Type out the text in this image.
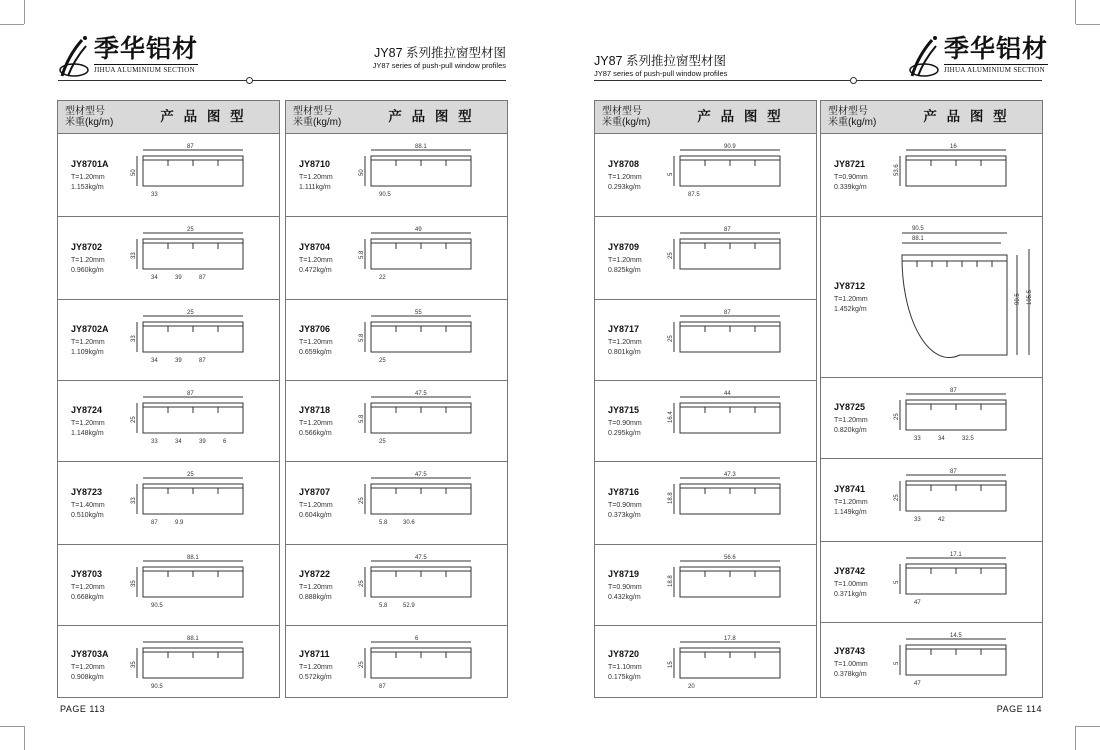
季华铝材
JIHUA ALUMINIUM SECTION
JY87 系列推拉窗型材图
JY87 series of push-pull window profiles
型材型号
米重(kg/m)	产 品 图 型
JY8701A
T=1.20mm
1.153kg/m
87
50
33
JY8702
T=1.20mm
0.960kg/m
25
33
34	39	87
JY8702A
T=1.20mm
1.109kg/m
25
33
34	39	87
JY8724
T=1.20mm
1.148kg/m
87
25
33	34	39	6
JY8723
T=1.40mm
0.510kg/m
25
33
87	9.9
JY8703
T=1.20mm
0.668kg/m
88.1
35
90.5
JY8703A
T=1.20mm
0.908kg/m
88.1
35
90.5
型材型号
米重(kg/m)	产 品 图 型
JY8710
T=1.20mm
1.111kg/m
88.1
50
90.5
JY8704
T=1.20mm
0.472kg/m
49
5.8
22
JY8706
T=1.20mm
0.659kg/m
55
5.8
25
JY8718
T=1.20mm
0.566kg/m
47.5
5.8
25
JY8707
T=1.20mm
0.604kg/m
47.5
25
5.8	30.6
JY8722
T=1.20mm
0.888kg/m
47.5
25
5.8	52.9
JY8711
T=1.20mm
0.572kg/m
6
25
87
PAGE 113
JY87 系列推拉窗型材图
JY87 series of push-pull window profiles
季华铝材
JIHUA ALUMINIUM SECTION
型材型号
米重(kg/m)	产 品 图 型
JY8708
T=1.20mm
0.293kg/m
90.9
5
87.5
JY8709
T=1.20mm
0.825kg/m
87
25
JY8717
T=1.20mm
0.801kg/m
87
25
JY8715
T=0.90mm
0.295kg/m
44
16.4
JY8716
T=0.90mm
0.373kg/m
47.3
18.8
JY8719
T=0.90mm
0.432kg/m
56.6
18.8
JY8720
T=1.10mm
0.175kg/m
17.8
15
20
型材型号
米重(kg/m)	产 品 图 型
JY8721
T=0.90mm
0.339kg/m
16
53.6
JY8712
T=1.20mm
1.452kg/m
90.5
88.1
90.5 105.5
JY8725
T=1.20mm
0.820kg/m
87
25
33	34	32.5
JY8741
T=1.20mm
1.149kg/m
87
25
33	42
JY8742
T=1.00mm
0.371kg/m
17.1
5
47
JY8743
T=1.00mm
0.378kg/m
14.5
5
47
PAGE 114
